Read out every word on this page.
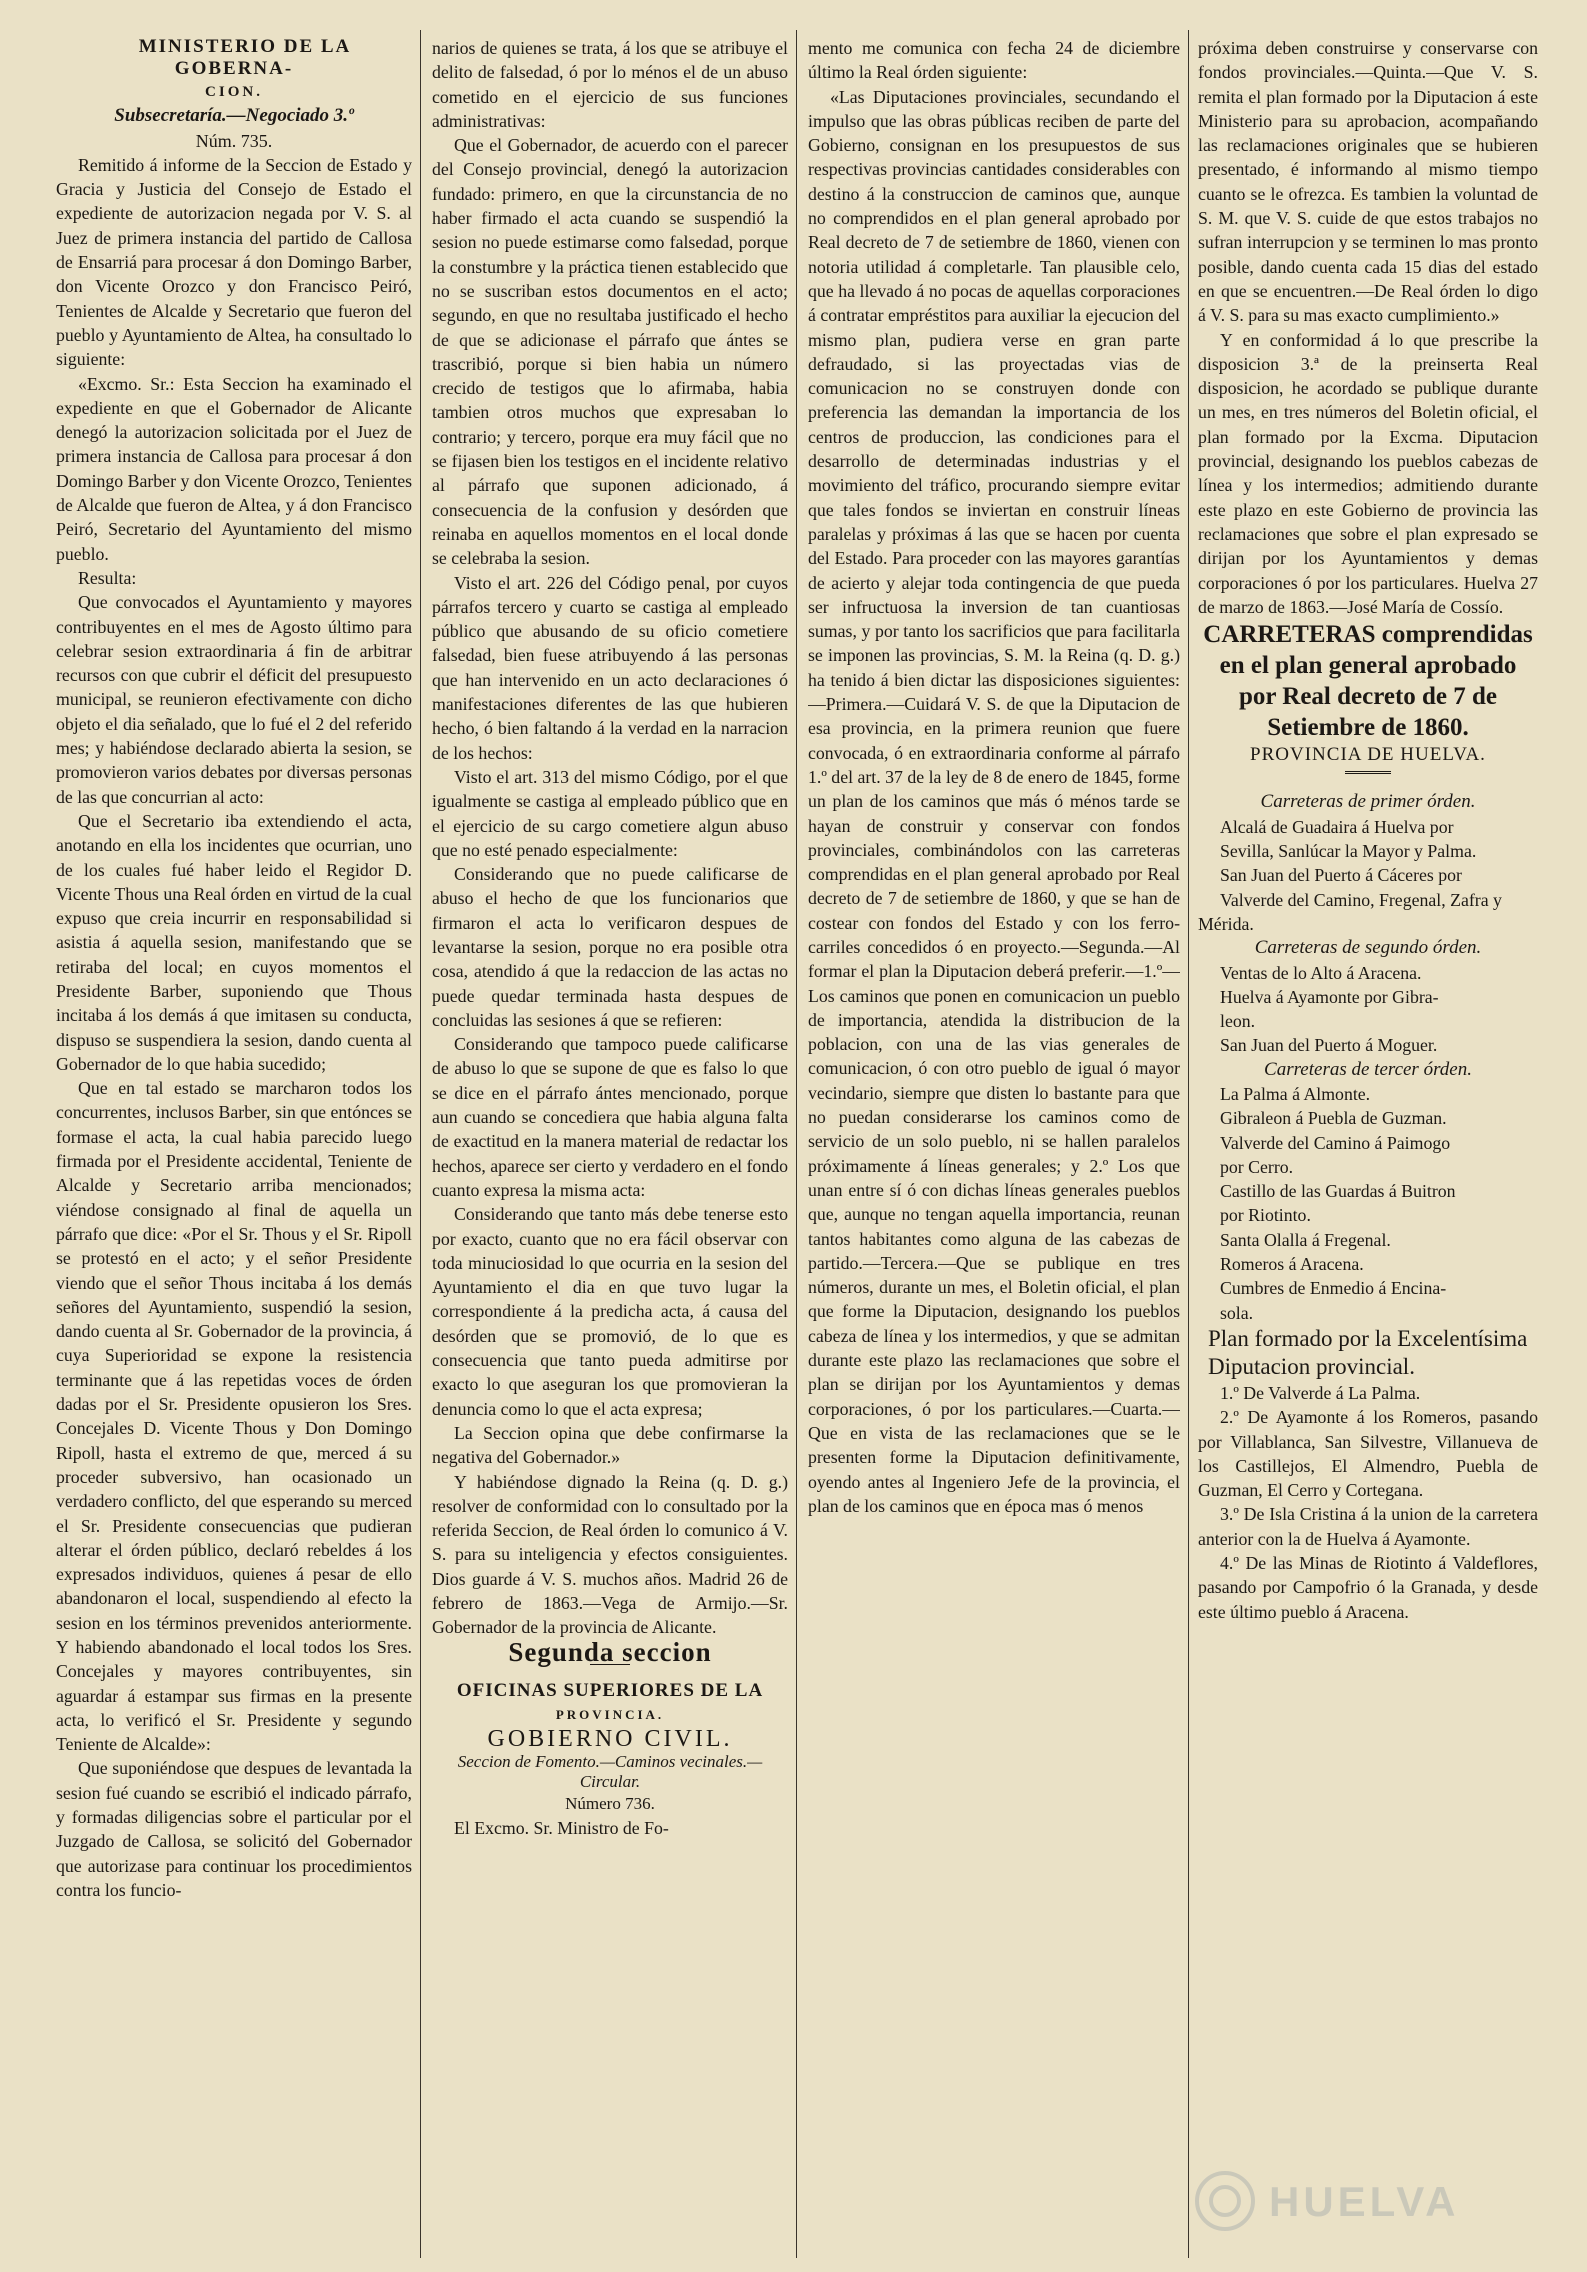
MINISTERIO DE LA GOBERNA-

CION.

Subsecretaría.—Negociado 3.º

Núm. 735.

Remitido á informe de la Seccion de Estado y Gracia y Justicia del Consejo de Estado el expediente de autorizacion negada por V. S. al Juez de primera instancia del partido de Callosa de Ensarriá para procesar á don Domingo Barber, don Vicente Orozco y don Francisco Peiró, Tenientes de Alcalde y Secretario que fueron del pueblo y Ayuntamiento de Altea, ha consultado lo siguiente:

«Excmo. Sr.: Esta Seccion ha examinado el expediente en que el Gobernador de Alicante denegó la autorizacion solicitada por el Juez de primera instancia de Callosa para procesar á don Domingo Barber y don Vicente Orozco, Tenientes de Alcalde que fueron de Altea, y á don Francisco Peiró, Secretario del Ayuntamiento del mismo pueblo.

Resulta:

Que convocados el Ayuntamiento y mayores contribuyentes en el mes de Agosto último para celebrar sesion extraordinaria á fin de arbitrar recursos con que cubrir el déficit del presupuesto municipal, se reunieron efectivamente con dicho objeto el dia señalado, que lo fué el 2 del referido mes; y habiéndose declarado abierta la sesion, se promovieron varios debates por diversas personas de las que concurrian al acto:

Que el Secretario iba extendiendo el acta, anotando en ella los incidentes que ocurrian, uno de los cuales fué haber leido el Regidor D. Vicente Thous una Real órden en virtud de la cual expuso que creia incurrir en responsabilidad si asistia á aquella sesion, manifestando que se retiraba del local; en cuyos momentos el Presidente Barber, suponiendo que Thous incitaba á los demás á que imitasen su conducta, dispuso se suspendiera la sesion, dando cuenta al Gobernador de lo que habia sucedido;

Que en tal estado se marcharon todos los concurrentes, inclusos Barber, sin que entónces se formase el acta, la cual habia parecido luego firmada por el Presidente accidental, Teniente de Alcalde y Secretario arriba mencionados; viéndose consignado al final de aquella un párrafo que dice: «Por el Sr. Thous y el Sr. Ripoll se protestó en el acto; y el señor Presidente viendo que el señor Thous incitaba á los demás señores del Ayuntamiento, suspendió la sesion, dando cuenta al Sr. Gobernador de la provincia, á cuya Superioridad se expone la resistencia terminante que á las repetidas voces de órden dadas por el Sr. Presidente opusieron los Sres. Concejales D. Vicente Thous y Don Domingo Ripoll, hasta el extremo de que, merced á su proceder subversivo, han ocasionado un verdadero conflicto, del que esperando su merced el Sr. Presidente consecuencias que pudieran alterar el órden público, declaró rebeldes á los expresados individuos, quienes á pesar de ello abandonaron el local, suspendiendo al efecto la sesion en los términos prevenidos anteriormente. Y habiendo abandonado el local todos los Sres. Concejales y mayores contribuyentes, sin aguardar á estampar sus firmas en la presente acta, lo verificó el Sr. Presidente y segundo Teniente de Alcalde»:

Que suponiéndose que despues de levantada la sesion fué cuando se escribió el indicado párrafo, y formadas diligencias sobre el particular por el Juzgado de Callosa, se solicitó del Gobernador que autorizase para continuar los procedimientos contra los funcio-

narios de quienes se trata, á los que se atribuye el delito de falsedad, ó por lo ménos el de un abuso cometido en el ejercicio de sus funciones administrativas:

Que el Gobernador, de acuerdo con el parecer del Consejo provincial, denegó la autorizacion fundado: primero, en que la circunstancia de no haber firmado el acta cuando se suspendió la sesion no puede estimarse como falsedad, porque la constumbre y la práctica tienen establecido que no se suscriban estos documentos en el acto; segundo, en que no resultaba justificado el hecho de que se adicionase el párrafo que ántes se trascribió, porque si bien habia un número crecido de testigos que lo afirmaba, habia tambien otros muchos que expresaban lo contrario; y tercero, porque era muy fácil que no se fijasen bien los testigos en el incidente relativo al párrafo que suponen adicionado, á consecuencia de la confusion y desórden que reinaba en aquellos momentos en el local donde se celebraba la sesion.

Visto el art. 226 del Código penal, por cuyos párrafos tercero y cuarto se castiga al empleado público que abusando de su oficio cometiere falsedad, bien fuese atribuyendo á las personas que han intervenido en un acto declaraciones ó manifestaciones diferentes de las que hubieren hecho, ó bien faltando á la verdad en la narracion de los hechos:

Visto el art. 313 del mismo Código, por el que igualmente se castiga al empleado público que en el ejercicio de su cargo cometiere algun abuso que no esté penado especialmente:

Considerando que no puede calificarse de abuso el hecho de que los funcionarios que firmaron el acta lo verificaron despues de levantarse la sesion, porque no era posible otra cosa, atendido á que la redaccion de las actas no puede quedar terminada hasta despues de concluidas las sesiones á que se refieren:

Considerando que tampoco puede calificarse de abuso lo que se supone de que es falso lo que se dice en el párrafo ántes mencionado, porque aun cuando se concediera que habia alguna falta de exactitud en la manera material de redactar los hechos, aparece ser cierto y verdadero en el fondo cuanto expresa la misma acta:

Considerando que tanto más debe tenerse esto por exacto, cuanto que no era fácil observar con toda minuciosidad lo que ocurria en la sesion del Ayuntamiento el dia en que tuvo lugar la correspondiente á la predicha acta, á causa del desórden que se promovió, de lo que es consecuencia que tanto pueda admitirse por exacto lo que aseguran los que promovieran la denuncia como lo que el acta expresa;

La Seccion opina que debe confirmarse la negativa del Gobernador.»

Y habiéndose dignado la Reina (q. D. g.) resolver de conformidad con lo consultado por la referida Seccion, de Real órden lo comunico á V. S. para su inteligencia y efectos consiguientes. Dios guarde á V. S. muchos años. Madrid 26 de febrero de 1863.—Vega de Armijo.—Sr. Gobernador de la provincia de Alicante.

Segunda seccion

OFICINAS SUPERIORES DE LA

PROVINCIA.

GOBIERNO CIVIL.

Seccion de Fomento.—Caminos vecinales.—Circular.

Número 736.

El Excmo. Sr. Ministro de Fo-

mento me comunica con fecha 24 de diciembre último la Real órden siguiente:

«Las Diputaciones provinciales, secundando el impulso que las obras públicas reciben de parte del Gobierno, consignan en los presupuestos de sus respectivas provincias cantidades considerables con destino á la construccion de caminos que, aunque no comprendidos en el plan general aprobado por Real decreto de 7 de setiembre de 1860, vienen con notoria utilidad á completarle. Tan plausible celo, que ha llevado á no pocas de aquellas corporaciones á contratar empréstitos para auxiliar la ejecucion del mismo plan, pudiera verse en gran parte defraudado, si las proyectadas vias de comunicacion no se construyen donde con preferencia las demandan la importancia de los centros de produccion, las condiciones para el desarrollo de determinadas industrias y el movimiento del tráfico, procurando siempre evitar que tales fondos se inviertan en construir líneas paralelas y próximas á las que se hacen por cuenta del Estado. Para proceder con las mayores garantías de acierto y alejar toda contingencia de que pueda ser infructuosa la inversion de tan cuantiosas sumas, y por tanto los sacrificios que para facilitarla se imponen las provincias, S. M. la Reina (q. D. g.) ha tenido á bien dictar las disposiciones siguientes:—Primera.—Cuidará V. S. de que la Diputacion de esa provincia, en la primera reunion que fuere convocada, ó en extraordinaria conforme al párrafo 1.º del art. 37 de la ley de 8 de enero de 1845, forme un plan de los caminos que más ó ménos tarde se hayan de construir y conservar con fondos provinciales, combinándolos con las carreteras comprendidas en el plan general aprobado por Real decreto de 7 de setiembre de 1860, y que se han de costear con fondos del Estado y con los ferro-carriles concedidos ó en proyecto.—Segunda.—Al formar el plan la Diputacion deberá preferir.—1.º—Los caminos que ponen en comunicacion un pueblo de importancia, atendida la distribucion de la poblacion, con una de las vias generales de comunicacion, ó con otro pueblo de igual ó mayor vecindario, siempre que disten lo bastante para que no puedan considerarse los caminos como de servicio de un solo pueblo, ni se hallen paralelos próximamente á líneas generales; y 2.º Los que unan entre sí ó con dichas líneas generales pueblos que, aunque no tengan aquella importancia, reunan tantos habitantes como alguna de las cabezas de partido.—Tercera.—Que se publique en tres números, durante un mes, el Boletin oficial, el plan que forme la Diputacion, designando los pueblos cabeza de línea y los intermedios, y que se admitan durante este plazo las reclamaciones que sobre el plan se dirijan por los Ayuntamientos y demas corporaciones, ó por los particulares.—Cuarta.—Que en vista de las reclamaciones que se le presenten forme la Diputacion definitivamente, oyendo antes al Ingeniero Jefe de la provincia, el plan de los caminos que en época mas ó menos

próxima deben construirse y conservarse con fondos provinciales.—Quinta.—Que V. S. remita el plan formado por la Diputacion á este Ministerio para su aprobacion, acompañando las reclamaciones originales que se hubieren presentado, é informando al mismo tiempo cuanto se le ofrezca. Es tambien la voluntad de S. M. que V. S. cuide de que estos trabajos no sufran interrupcion y se terminen lo mas pronto posible, dando cuenta cada 15 dias del estado en que se encuentren.—De Real órden lo digo á V. S. para su mas exacto cumplimiento.»

Y en conformidad á lo que prescribe la disposicion 3.ª de la preinserta Real disposicion, he acordado se publique durante un mes, en tres números del Boletin oficial, el plan formado por la Excma. Diputacion provincial, designando los pueblos cabezas de línea y los intermedios; admitiendo durante este plazo en este Gobierno de provincia las reclamaciones que sobre el plan expresado se dirijan por los Ayuntamientos y demas corporaciones ó por los particulares. Huelva 27 de marzo de 1863.—José María de Cossío.

CARRETERAS comprendidas en el plan general aprobado por Real decreto de 7 de Setiembre de 1860.

PROVINCIA DE HUELVA.

Carreteras de primer órden.

Alcalá de Guadaira á Huelva por

Sevilla, Sanlúcar la Mayor y Palma.

San Juan del Puerto á Cáceres por

Valverde del Camino, Fregenal, Zafra y Mérida.

Carreteras de segundo órden.

Ventas de lo Alto á Aracena.

Huelva á Ayamonte por Gibra-

leon.

San Juan del Puerto á Moguer.

Carreteras de tercer órden.

La Palma á Almonte.

Gibraleon á Puebla de Guzman.

Valverde del Camino á Paimogo

por Cerro.

Castillo de las Guardas á Buitron

por Riotinto.

Santa Olalla á Fregenal.

Romeros á Aracena.

Cumbres de Enmedio á Encina-

sola.

Plan formado por la Excelentísima Diputacion provincial.

1.º De Valverde á La Palma.

2.º De Ayamonte á los Romeros, pasando por Villablanca, San Silvestre, Villanueva de los Castillejos, El Almendro, Puebla de Guzman, El Cerro y Cortegana.

3.º De Isla Cristina á la union de la carretera anterior con la de Huelva á Ayamonte.

4.º De las Minas de Riotinto á Valdeflores, pasando por Campofrio ó la Granada, y desde este último pueblo á Aracena.

HUELVA
